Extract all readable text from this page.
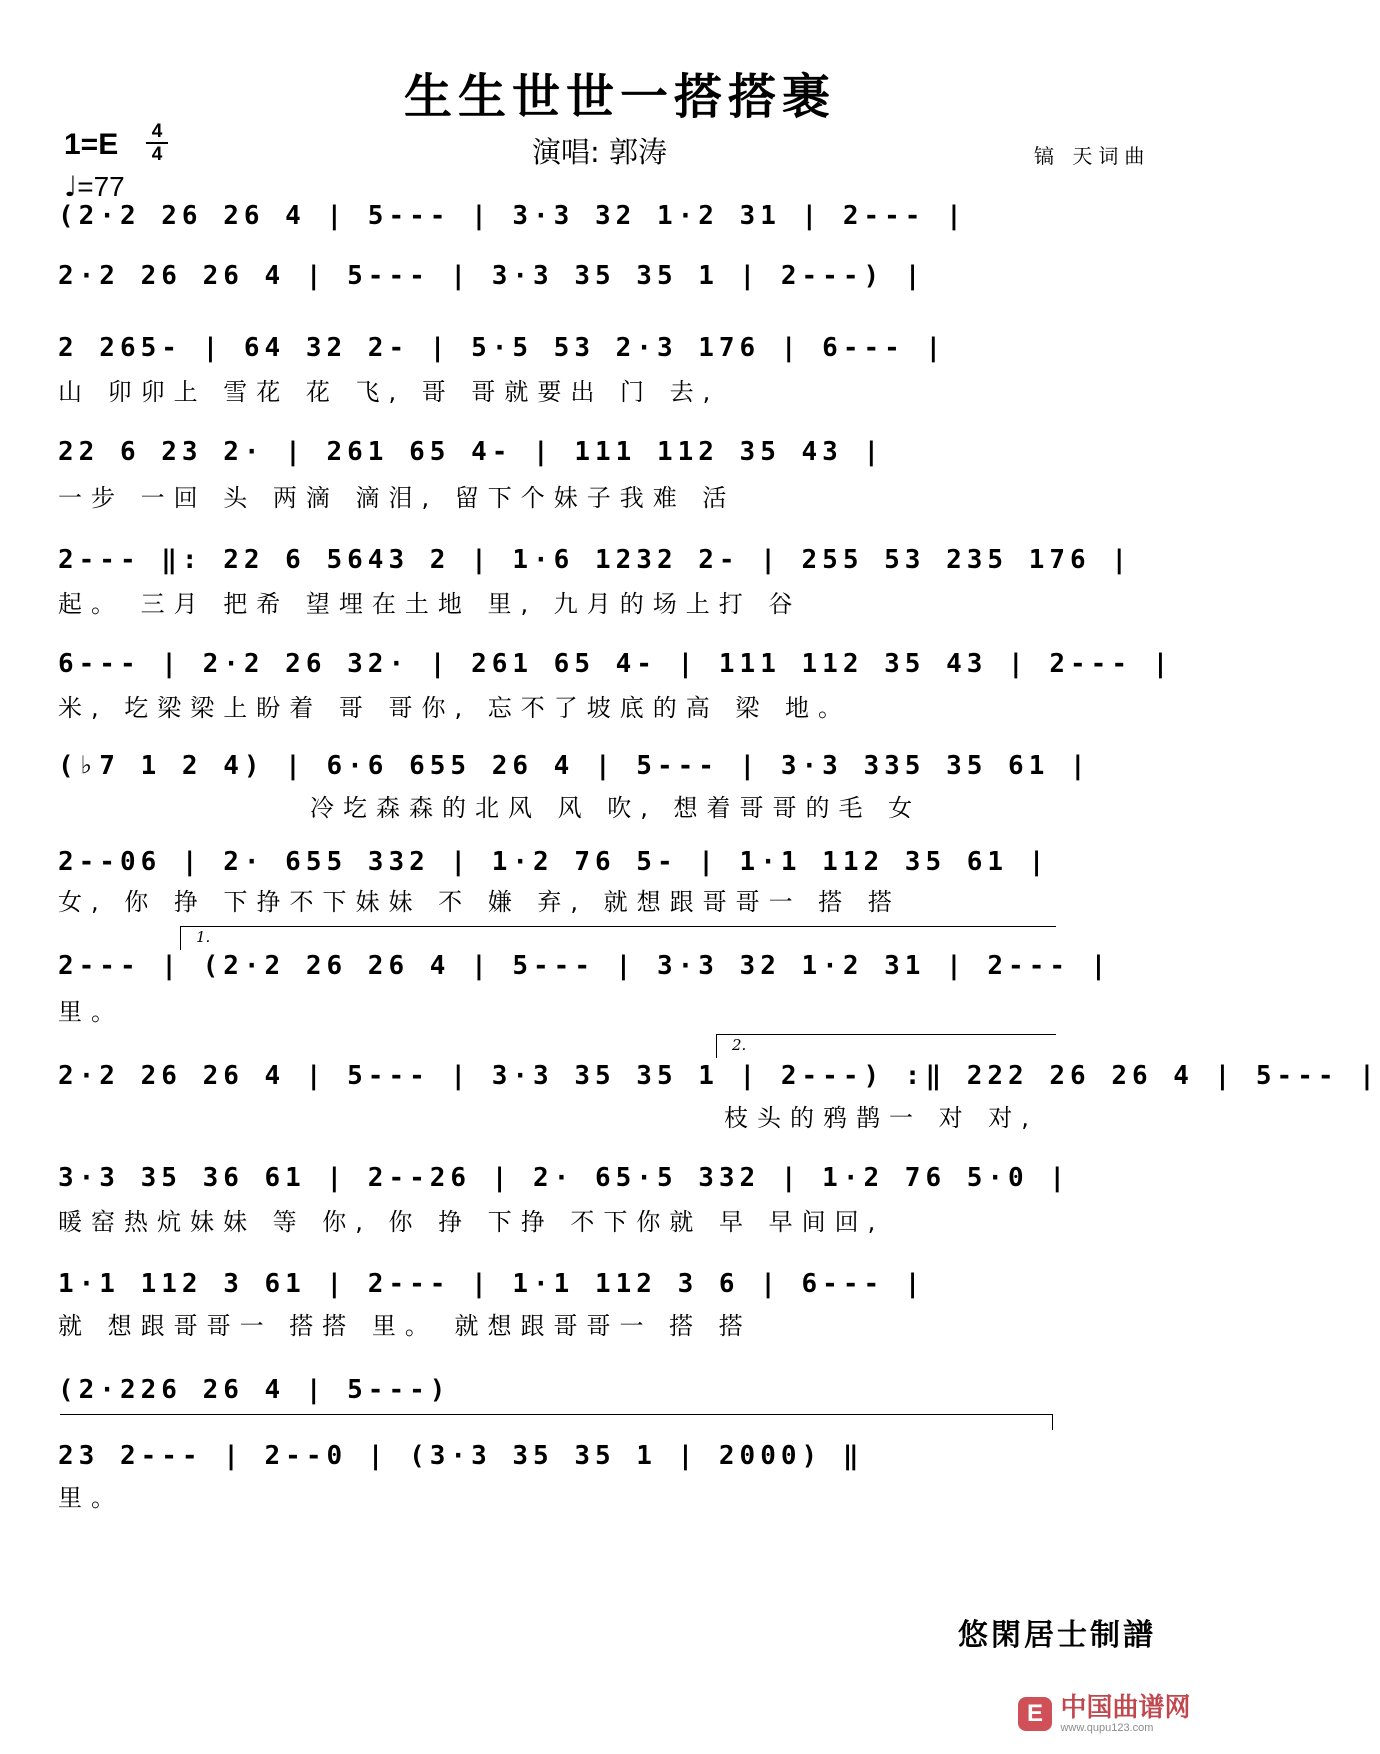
生生世世一搭搭裹
1=E	4
4
♩=77
演唱: 郭涛	镐 天词曲
(2·2 26 26 4 | 5--- | 3·3 32 1·2 31 | 2--- |
2·2 26 26 4 | 5--- | 3·3 35 35 1 | 2---) |
2 265- | 64 32 2- | 5·5 53 2·3 176 | 6--- |
山 卯卯上 雪花 花 飞, 哥 哥就要出 门 去,
22 6 23 2· | 261 65 4- | 111 112 35 43 |
一步 一回 头 两滴 滴泪, 留下个妹子我难 活
2--- ‖: 22 6 5643 2 | 1·6 1232 2- | 255 53 235 176 |
起。 三月 把希 望埋在土地 里, 九月的场上打 谷
6--- | 2·2 26 32· | 261 65 4- | 111 112 35 43 | 2--- |
米, 圪梁梁上盼着 哥 哥你, 忘不了坡底的高 梁 地。
(♭7 1 2 4) | 6·6 655 26 4 | 5--- | 3·3 335 35 61 |
冷圪森森的北风 风 吹, 想着哥哥的毛 女
2--06 | 2· 655 332 | 1·2 76 5- | 1·1 112 35 61 |
女, 你 挣 下挣不下妹妹 不 嫌 弃, 就想跟哥哥一 搭 搭
1.
2--- | (2·2 26 26 4 | 5--- | 3·3 32 1·2 31 | 2--- |
里。
2.
2·2 26 26 4 | 5--- | 3·3 35 35 1 | 2---) :‖ 222 26 26 4 | 5--- |
枝头的鸦鹊一 对 对,
3·3 35 36 61 | 2--26 | 2· 65·5 332 | 1·2 76 5·0 |
暖窑热炕妹妹 等 你, 你 挣 下挣 不下你就 早 早间回,
1·1 112 3 61 | 2--- | 1·1 112 3 6 | 6--- |
就 想跟哥哥一 搭搭 里。 就想跟哥哥一 搭 搭
(2·226 26 4 | 5---)
23 2--- | 2--0 | (3·3 35 35 1 | 2000) ‖
里。
悠閑居士制譜
E 中国曲谱网
www.qupu123.com
